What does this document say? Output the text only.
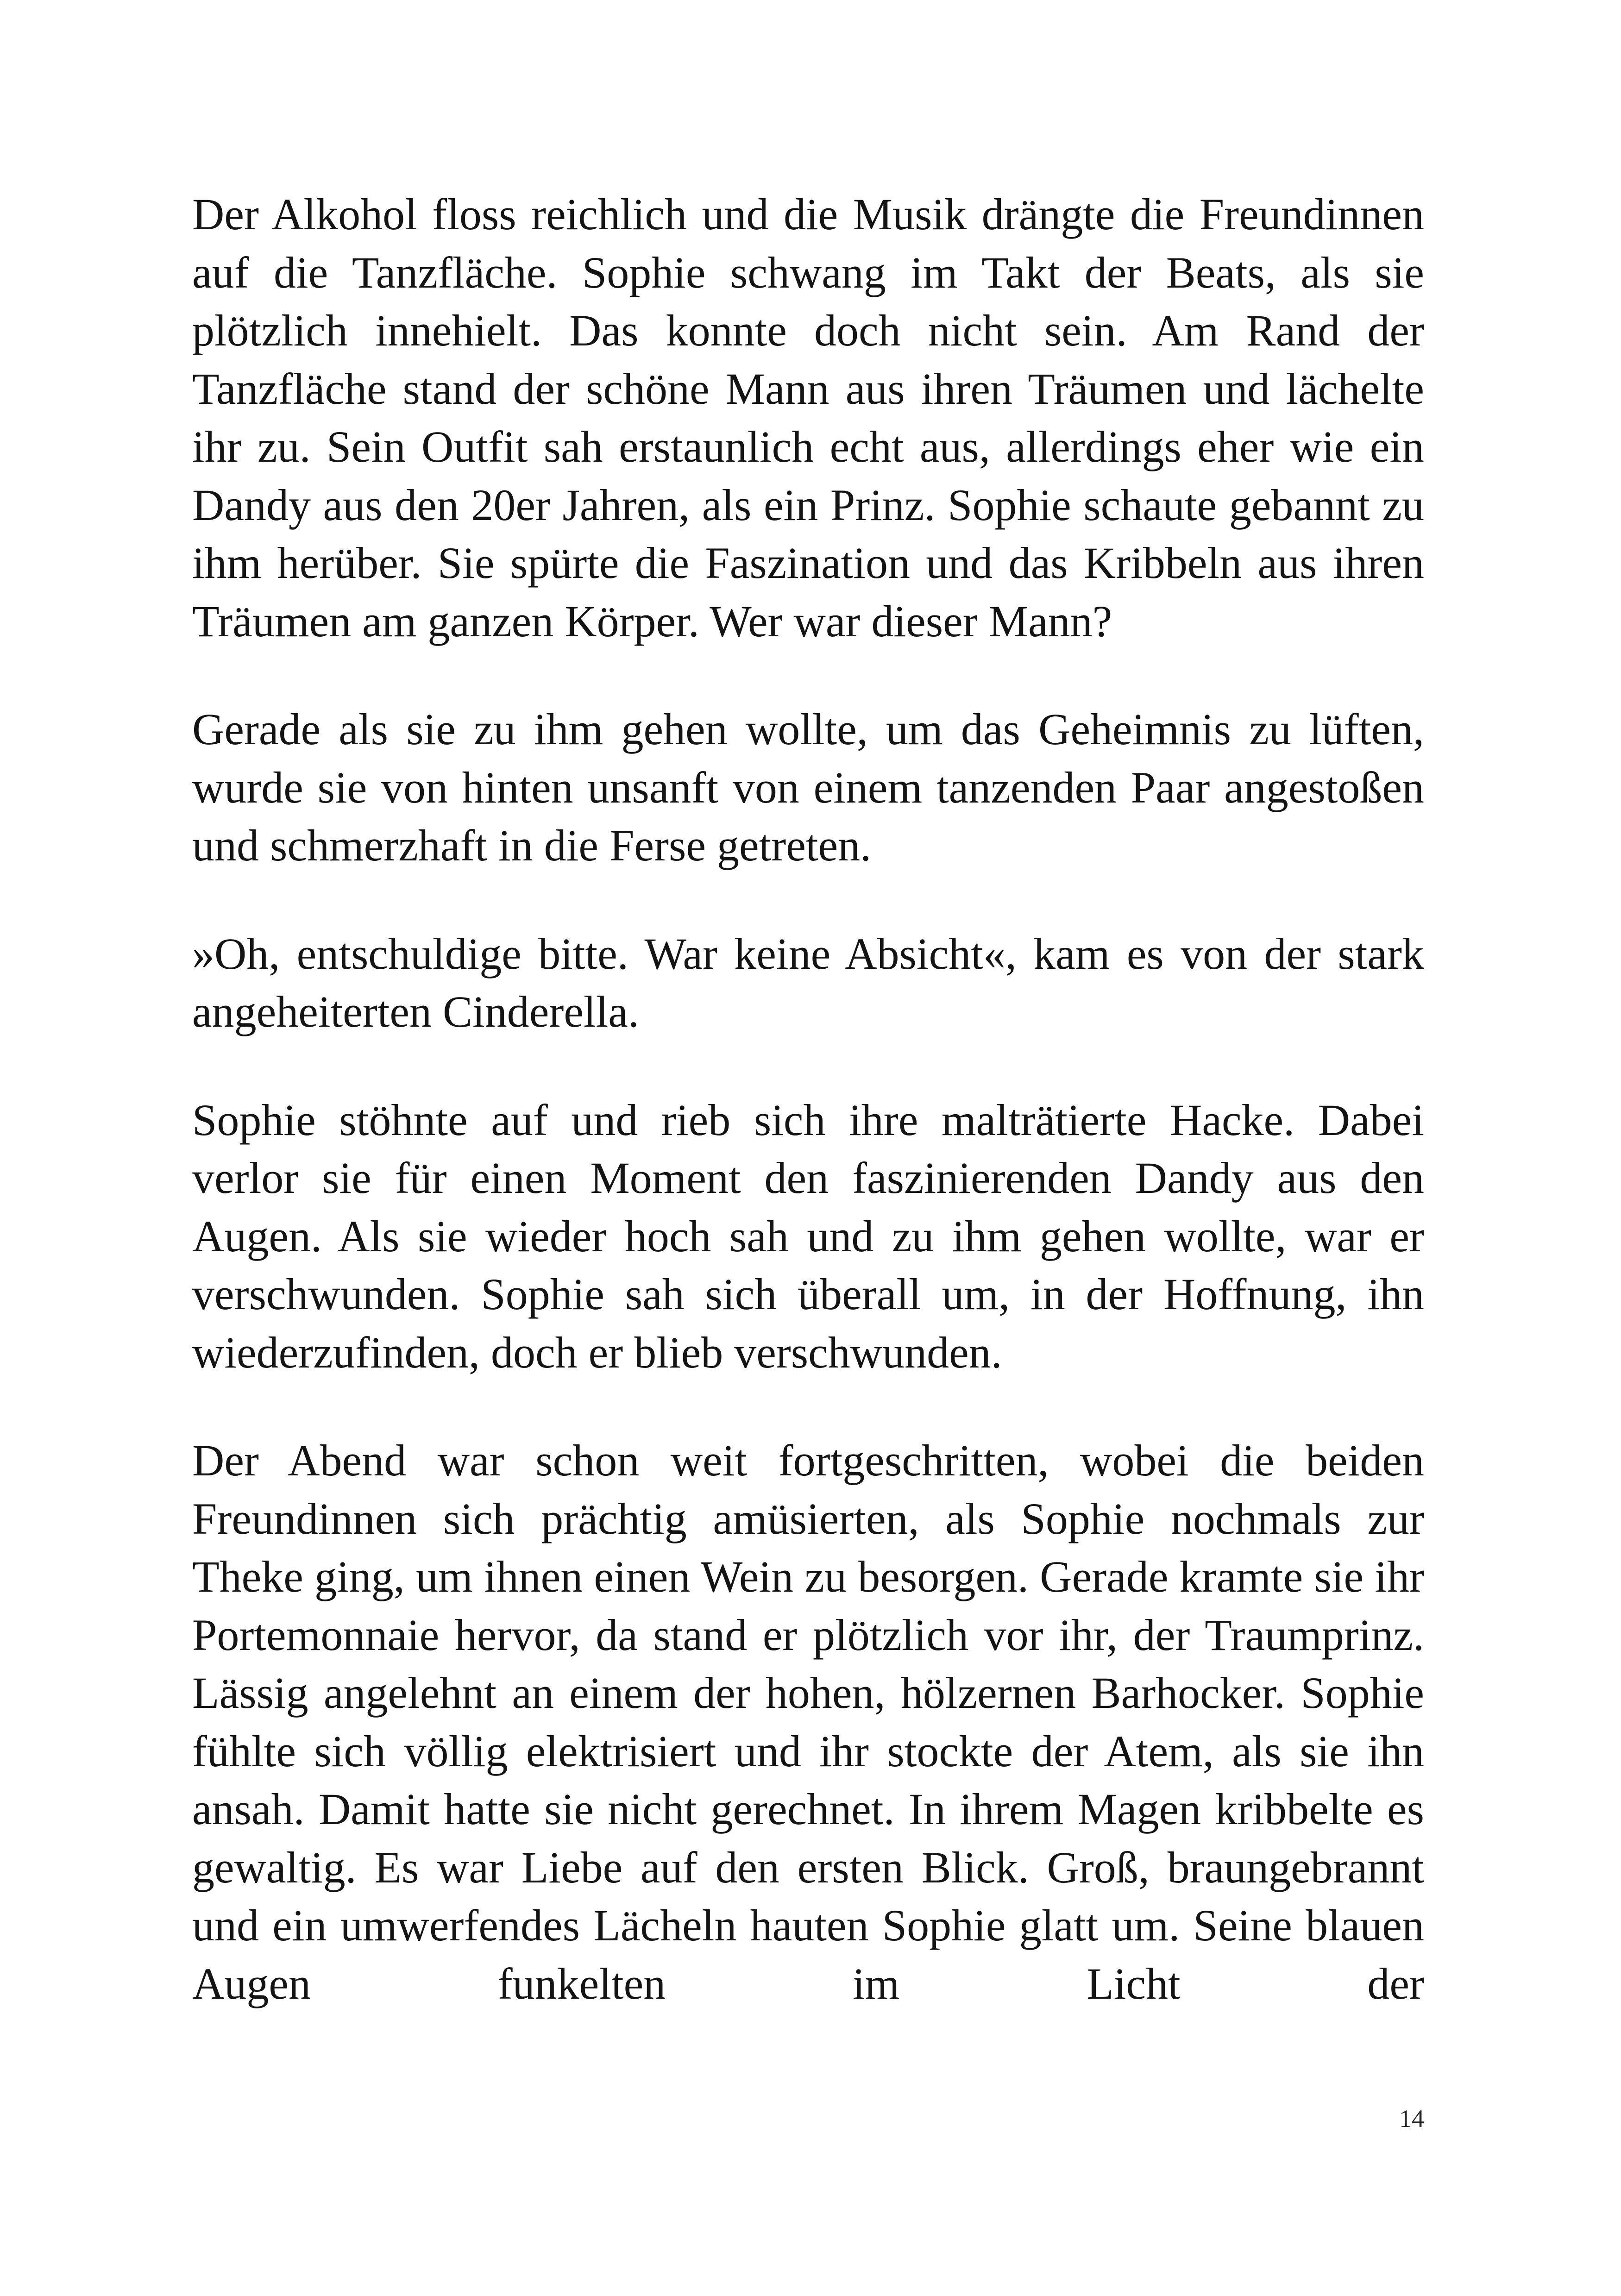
Der Alkohol floss reichlich und die Musik drängte die Freundinnen auf die Tanzfläche. Sophie schwang im Takt der Beats, als sie plötzlich innehielt. Das konnte doch nicht sein. Am Rand der Tanzfläche stand der schöne Mann aus ihren Träumen und lächelte ihr zu. Sein Outfit sah erstaunlich echt aus, allerdings eher wie ein Dandy aus den 20er Jahren, als ein Prinz. Sophie schaute gebannt zu ihm herüber. Sie spürte die Faszination und das Kribbeln aus ihren Träumen am ganzen Körper. Wer war dieser Mann?

Gerade als sie zu ihm gehen wollte, um das Geheimnis zu lüften, wurde sie von hinten unsanft von einem tanzenden Paar angestoßen und schmerzhaft in die Ferse getreten.

»Oh, entschuldige bitte. War keine Absicht«, kam es von der stark angeheiterten Cinderella.

Sophie stöhnte auf und rieb sich ihre malträtierte Hacke. Dabei verlor sie für einen Moment den faszinierenden Dandy aus den Augen. Als sie wieder hoch sah und zu ihm gehen wollte, war er verschwunden. Sophie sah sich überall um, in der Hoffnung, ihn wiederzufinden, doch er blieb verschwunden.

Der Abend war schon weit fortgeschritten, wobei die beiden Freundinnen sich prächtig amüsierten, als Sophie nochmals zur Theke ging, um ihnen einen Wein zu besorgen. Gerade kramte sie ihr Portemonnaie hervor, da stand er plötzlich vor ihr, der Traumprinz. Lässig angelehnt an einem der hohen, hölzernen Barhocker. Sophie fühlte sich völlig elektrisiert und ihr stockte der Atem, als sie ihn ansah. Damit hatte sie nicht gerechnet. In ihrem Magen kribbelte es gewaltig. Es war Liebe auf den ersten Blick. Groß, braungebrannt und ein umwerfendes Lächeln hauten Sophie glatt um. Seine blauen Augen funkelten im Licht der

14
